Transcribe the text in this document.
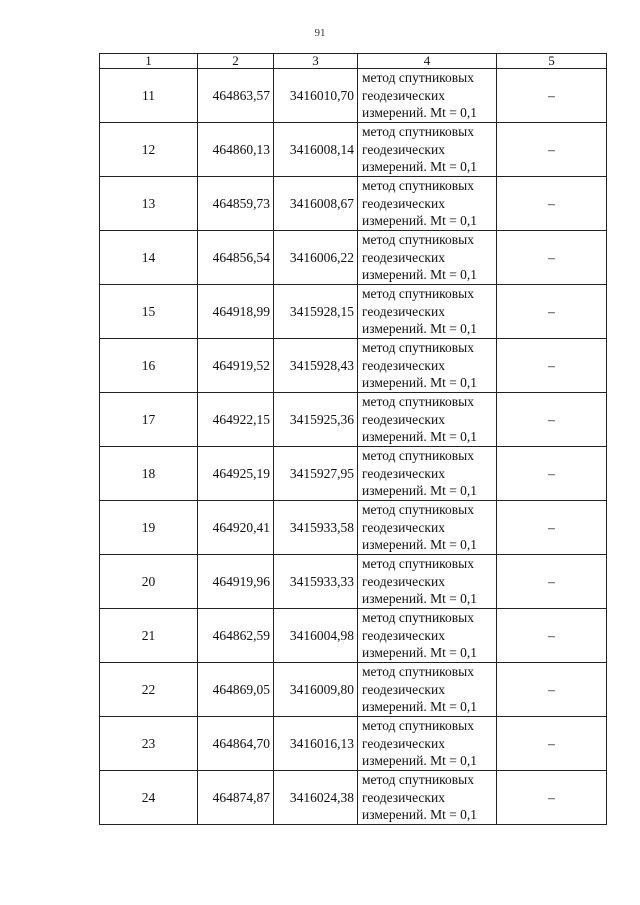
91
1	2	3	4	5
11	464863,57	3416010,70	метод спутниковых
геодезических
измерений. Mt = 0,1	–
12	464860,13	3416008,14	метод спутниковых
геодезических
измерений. Mt = 0,1	–
13	464859,73	3416008,67	метод спутниковых
геодезических
измерений. Mt = 0,1	–
14	464856,54	3416006,22	метод спутниковых
геодезических
измерений. Mt = 0,1	–
15	464918,99	3415928,15	метод спутниковых
геодезических
измерений. Mt = 0,1	–
16	464919,52	3415928,43	метод спутниковых
геодезических
измерений. Mt = 0,1	–
17	464922,15	3415925,36	метод спутниковых
геодезических
измерений. Mt = 0,1	–
18	464925,19	3415927,95	метод спутниковых
геодезических
измерений. Mt = 0,1	–
19	464920,41	3415933,58	метод спутниковых
геодезических
измерений. Mt = 0,1	–
20	464919,96	3415933,33	метод спутниковых
геодезических
измерений. Mt = 0,1	–
21	464862,59	3416004,98	метод спутниковых
геодезических
измерений. Mt = 0,1	–
22	464869,05	3416009,80	метод спутниковых
геодезических
измерений. Mt = 0,1	–
23	464864,70	3416016,13	метод спутниковых
геодезических
измерений. Mt = 0,1	–
24	464874,87	3416024,38	метод спутниковых
геодезических
измерений. Mt = 0,1	–
